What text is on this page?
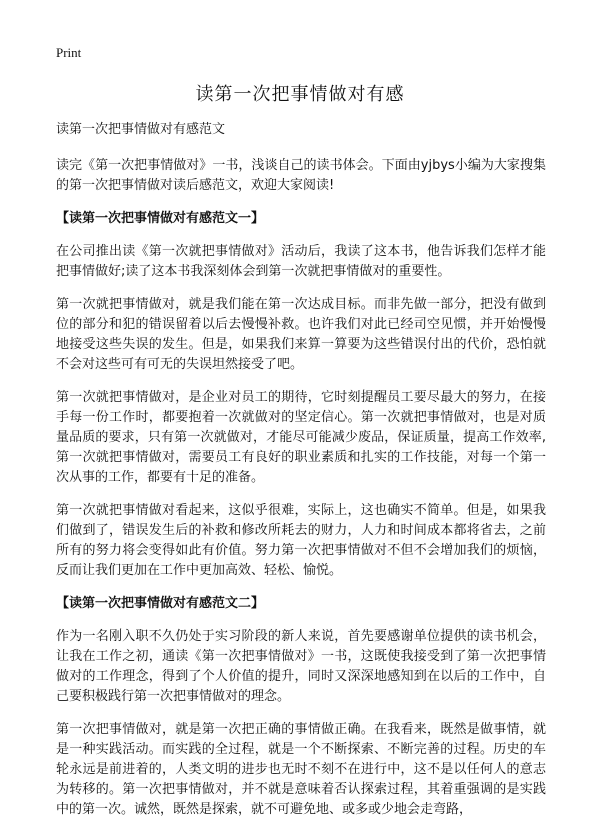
Print
读第一次把事情做对有感

读第一次把事情做对有感范文

读完《第一次把事情做对》一书，浅谈自己的读书体会。下面由yjbys小编为大家搜集的第一次把事情做对读后感范文，欢迎大家阅读!

【读第一次把事情做对有感范文一】

在公司推出读《第一次就把事情做对》活动后，我读了这本书，他告诉我们怎样才能把事情做好;读了这本书我深刻体会到第一次就把事情做对的重要性。

第一次就把事情做对，就是我们能在第一次达成目标。而非先做一部分，把没有做到位的部分和犯的错误留着以后去慢慢补救。也许我们对此已经司空见惯，并开始慢慢地接受这些失误的发生。但是，如果我们来算一算要为这些错误付出的代价，恐怕就不会对这些可有可无的失误坦然接受了吧。

第一次就把事情做对，是企业对员工的期待，它时刻提醒员工要尽最大的努力，在接手每一份工作时，都要抱着一次就做对的坚定信心。第一次就把事情做对，也是对质量品质的要求，只有第一次就做对，才能尽可能减少废品，保证质量，提高工作效率,第一次就把事情做对，需要员工有良好的职业素质和扎实的工作技能，对每一个第一次从事的工作，都要有十足的准备。

第一次就把事情做对看起来，这似乎很难，实际上，这也确实不简单。但是，如果我们做到了，错误发生后的补救和修改所耗去的财力，人力和时间成本都将省去，之前所有的努力将会变得如此有价值。努力第一次把事情做对不但不会增加我们的烦恼，反而让我们更加在工作中更加高效、轻松、愉悦。

【读第一次把事情做对有感范文二】

作为一名刚入职不久仍处于实习阶段的新人来说，首先要感谢单位提供的读书机会，让我在工作之初，通读《第一次把事情做对》一书，这既使我接受到了第一次把事情做对的工作理念，得到了个人价值的提升，同时又深深地感知到在以后的工作中，自己要积极践行第一次把事情做对的理念。

第一次把事情做对，就是第一次把正确的事情做正确。在我看来，既然是做事情，就是一种实践活动。而实践的全过程，就是一个不断探索、不断完善的过程。历史的车轮永远是前进着的，人类文明的进步也无时不刻不在进行中，这不是以任何人的意志为转移的。第一次把事情做对，并不就是意味着否认探索过程，其着重强调的是实践中的第一次。诚然，既然是探索，就不可避免地、或多或少地会走弯路，
